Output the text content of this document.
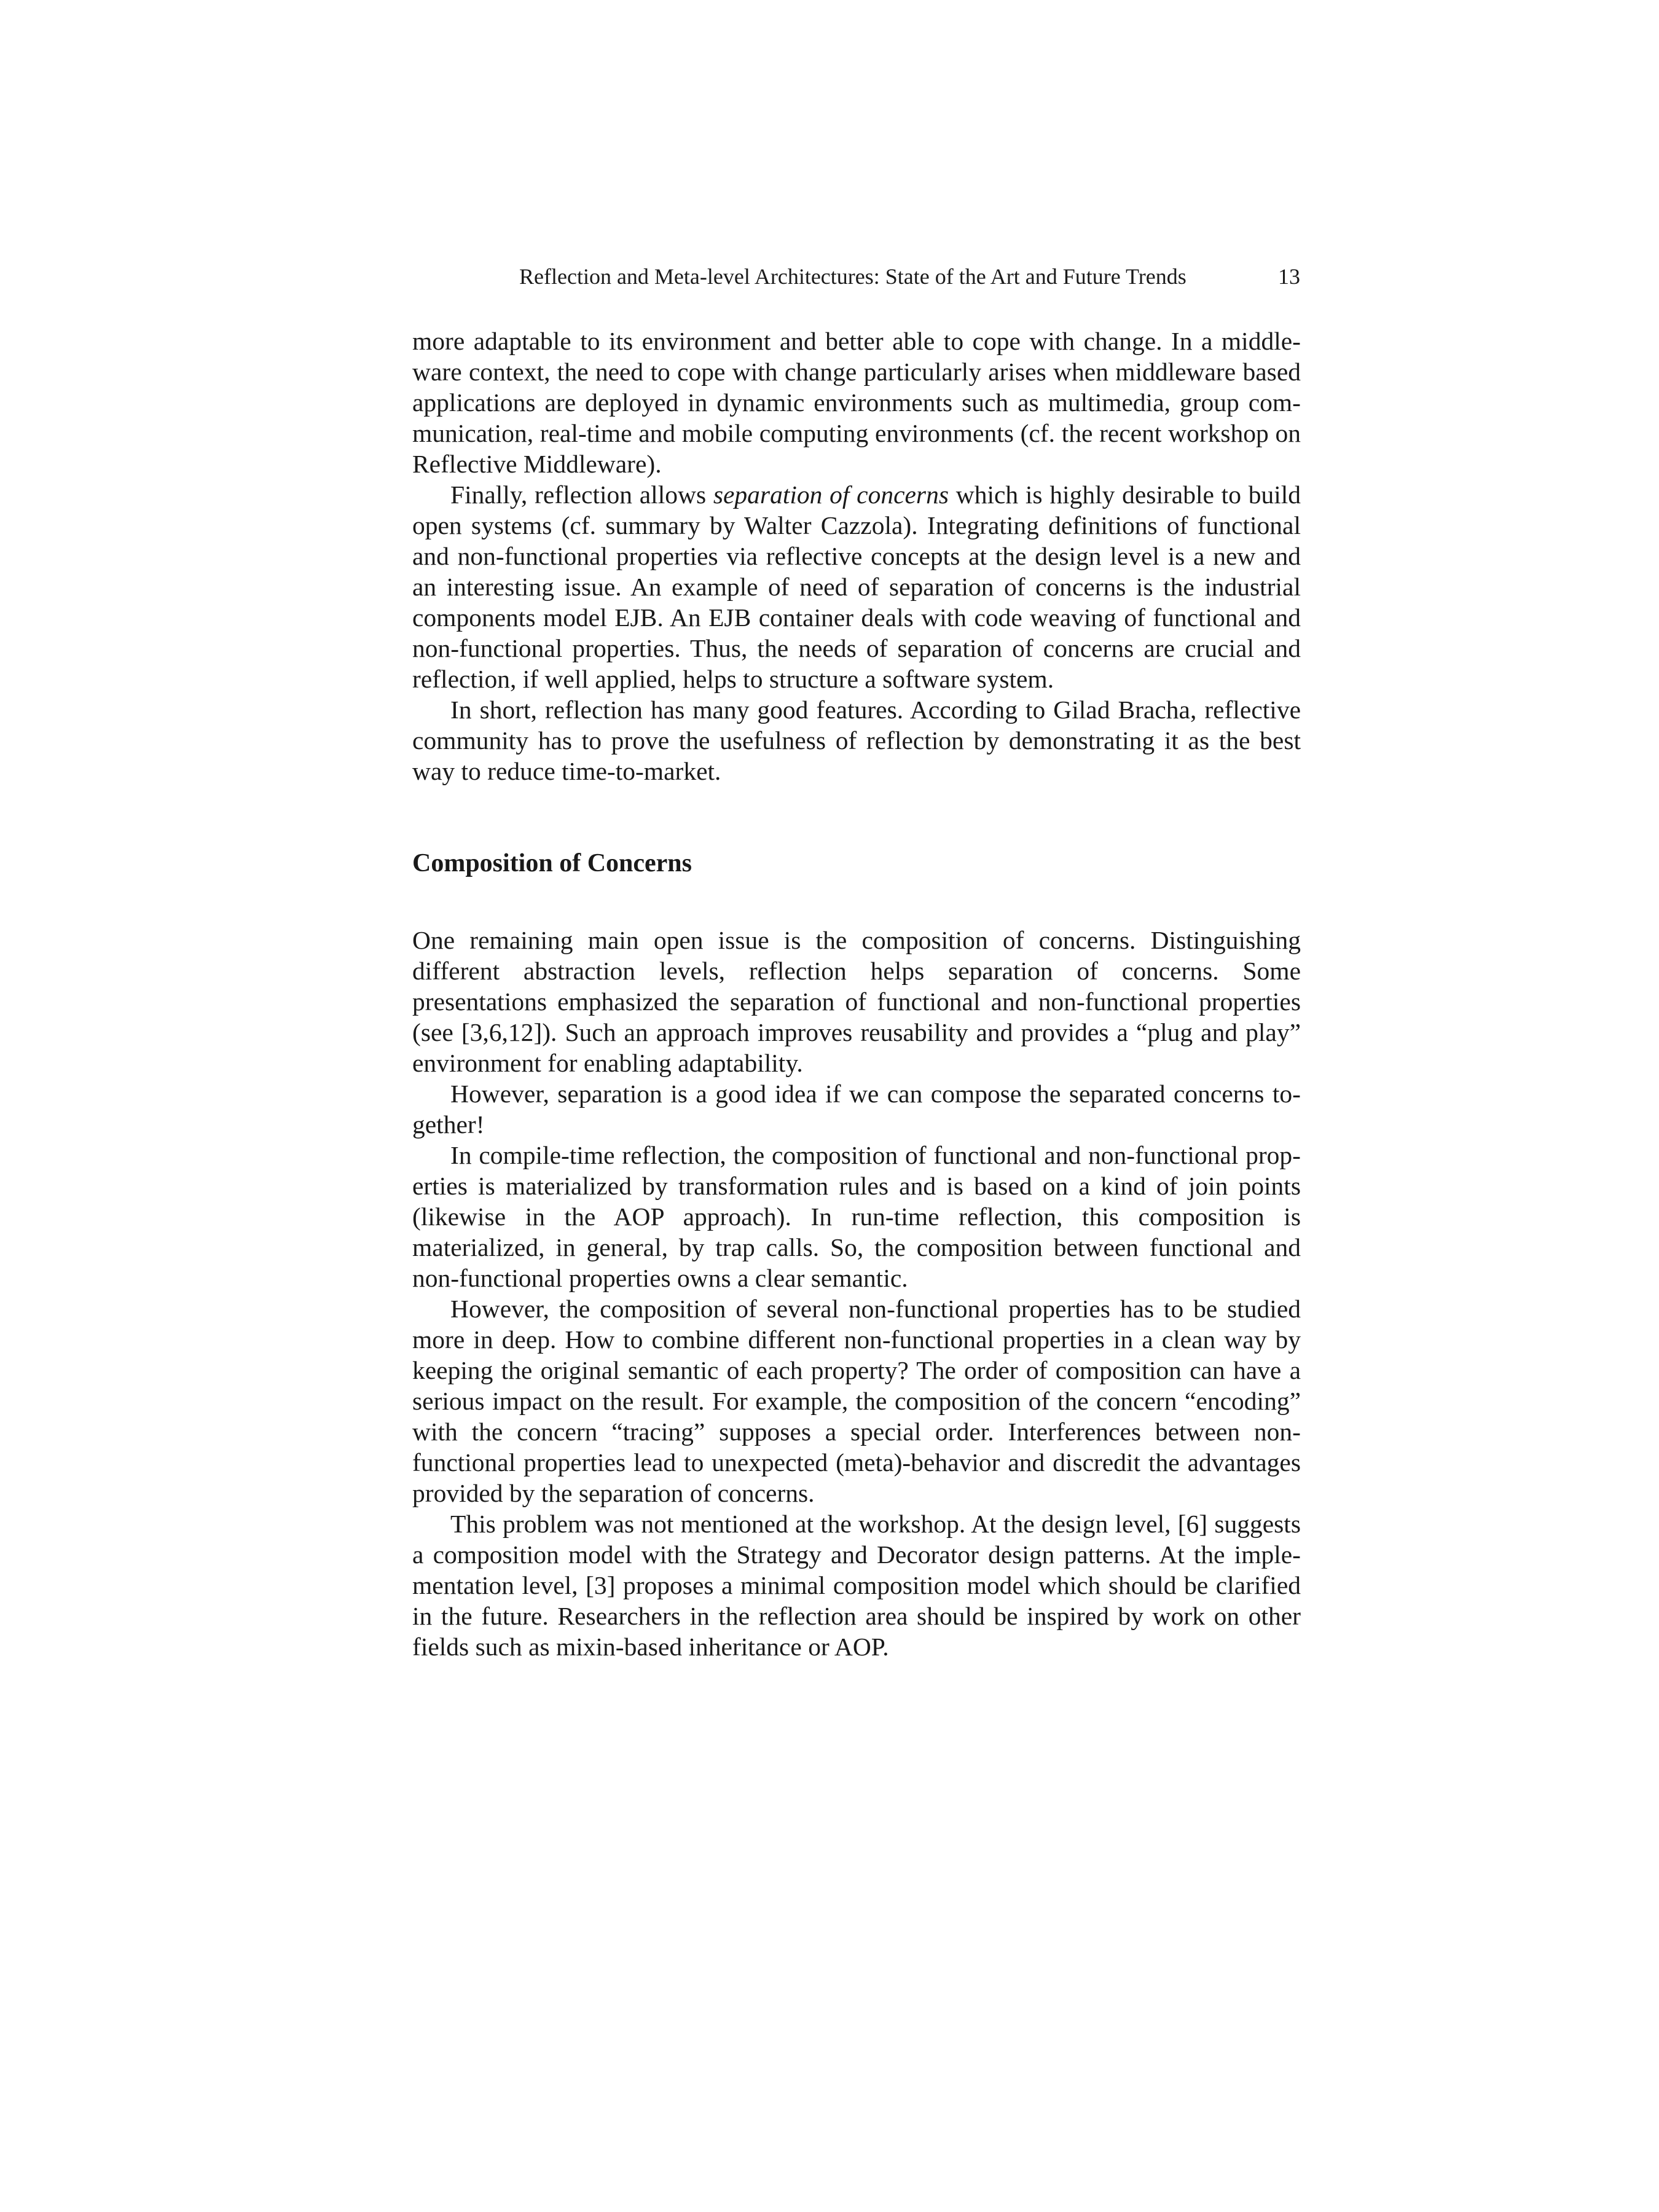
Reflection and Meta-level Architectures: State of the Art and Future Trends	13

more adaptable to its environment and better able to cope with change. In a middleware context, the need to cope with change particularly arises when middleware based applications are deployed in dynamic environments such as multimedia, group communication, real-time and mobile computing environments (cf. the recent workshop on Reflective Middleware).

Finally, reflection allows separation of concerns which is highly desirable to build open systems (cf. summary by Walter Cazzola). Integrating definitions of functional and non-functional properties via reflective concepts at the design level is a new and an interesting issue. An example of need of separation of concerns is the industrial components model EJB. An EJB container deals with code weaving of functional and non-functional properties. Thus, the needs of separation of concerns are crucial and reflection, if well applied, helps to structure a software system.

In short, reflection has many good features. According to Gilad Bracha, reflective community has to prove the usefulness of reflection by demonstrating it as the best way to reduce time-to-market.

Composition of Concerns

One remaining main open issue is the composition of concerns. Distinguishing different abstraction levels, reflection helps separation of concerns. Some presentations emphasized the separation of functional and non-functional properties (see [3,6,12]). Such an approach improves reusability and provides a “plug and play” environment for enabling adaptability.

However, separation is a good idea if we can compose the separated concerns together!

In compile-time reflection, the composition of functional and non-functional properties is materialized by transformation rules and is based on a kind of join points (likewise in the AOP approach). In run-time reflection, this composition is materialized, in general, by trap calls. So, the composition between functional and non-functional properties owns a clear semantic.

However, the composition of several non-functional properties has to be studied more in deep. How to combine different non-functional properties in a clean way by keeping the original semantic of each property? The order of composition can have a serious impact on the result. For example, the composition of the concern “encoding” with the concern “tracing” supposes a special order. Interferences between nonfunctional properties lead to unexpected (meta)-behavior and discredit the advantages provided by the separation of concerns.

This problem was not mentioned at the workshop. At the design level, [6] suggests a composition model with the Strategy and Decorator design patterns. At the implementation level, [3] proposes a minimal composition model which should be clarified in the future. Researchers in the reflection area should be inspired by work on other fields such as mixin-based inheritance or AOP.
